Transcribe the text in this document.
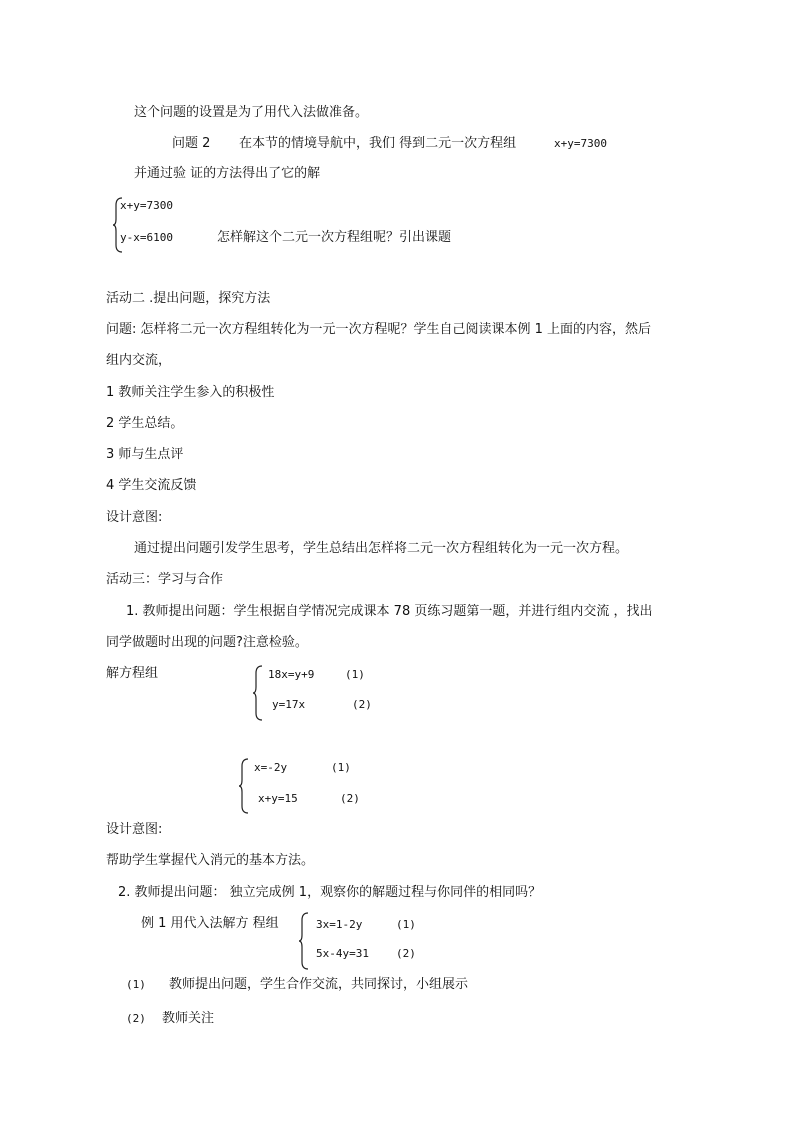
这个问题的设置是为了用代入法做准备。
问题 2 在本节的情境导航中，我们 得到二元一次方程组	x+y=7300
并通过验 证的方法得出了它的解
x+y=7300
y-x=6100	怎样解这个二元一次方程组呢？引出课题
活动二 .提出问题，探究方法
问题: 怎样将二元一次方程组转化为一元一次方程呢？学生自己阅读课本例 1 上面的内容，然后
组内交流，
1 教师关注学生参入的积极性
2 学生总结。
3 师与生点评
4 学生交流反馈
设计意图:
通过提出问题引发学生思考，学生总结出怎样将二元一次方程组转化为一元一次方程。
活动三：学习与合作
1. 教师提出问题：学生根据自学情况完成课本 78 页练习题第一题，并进行组内交流 ，找出
同学做题时出现的问题?注意检验。
解方程组	18x=y+9	(1)
y=17x	(2)
x=-2y	(1)
x+y=15	(2)
设计意图:
帮助学生掌握代入消元的基本方法。
2. 教师提出问题： 独立完成例 1，观察你的解题过程与你同伴的相同吗？
例 1 用代入法解方 程组	3x=1-2y	(1)
5x-4y=31 (2)
(1) 教师提出问题，学生合作交流，共同探讨，小组展示
(2) 教师关注
